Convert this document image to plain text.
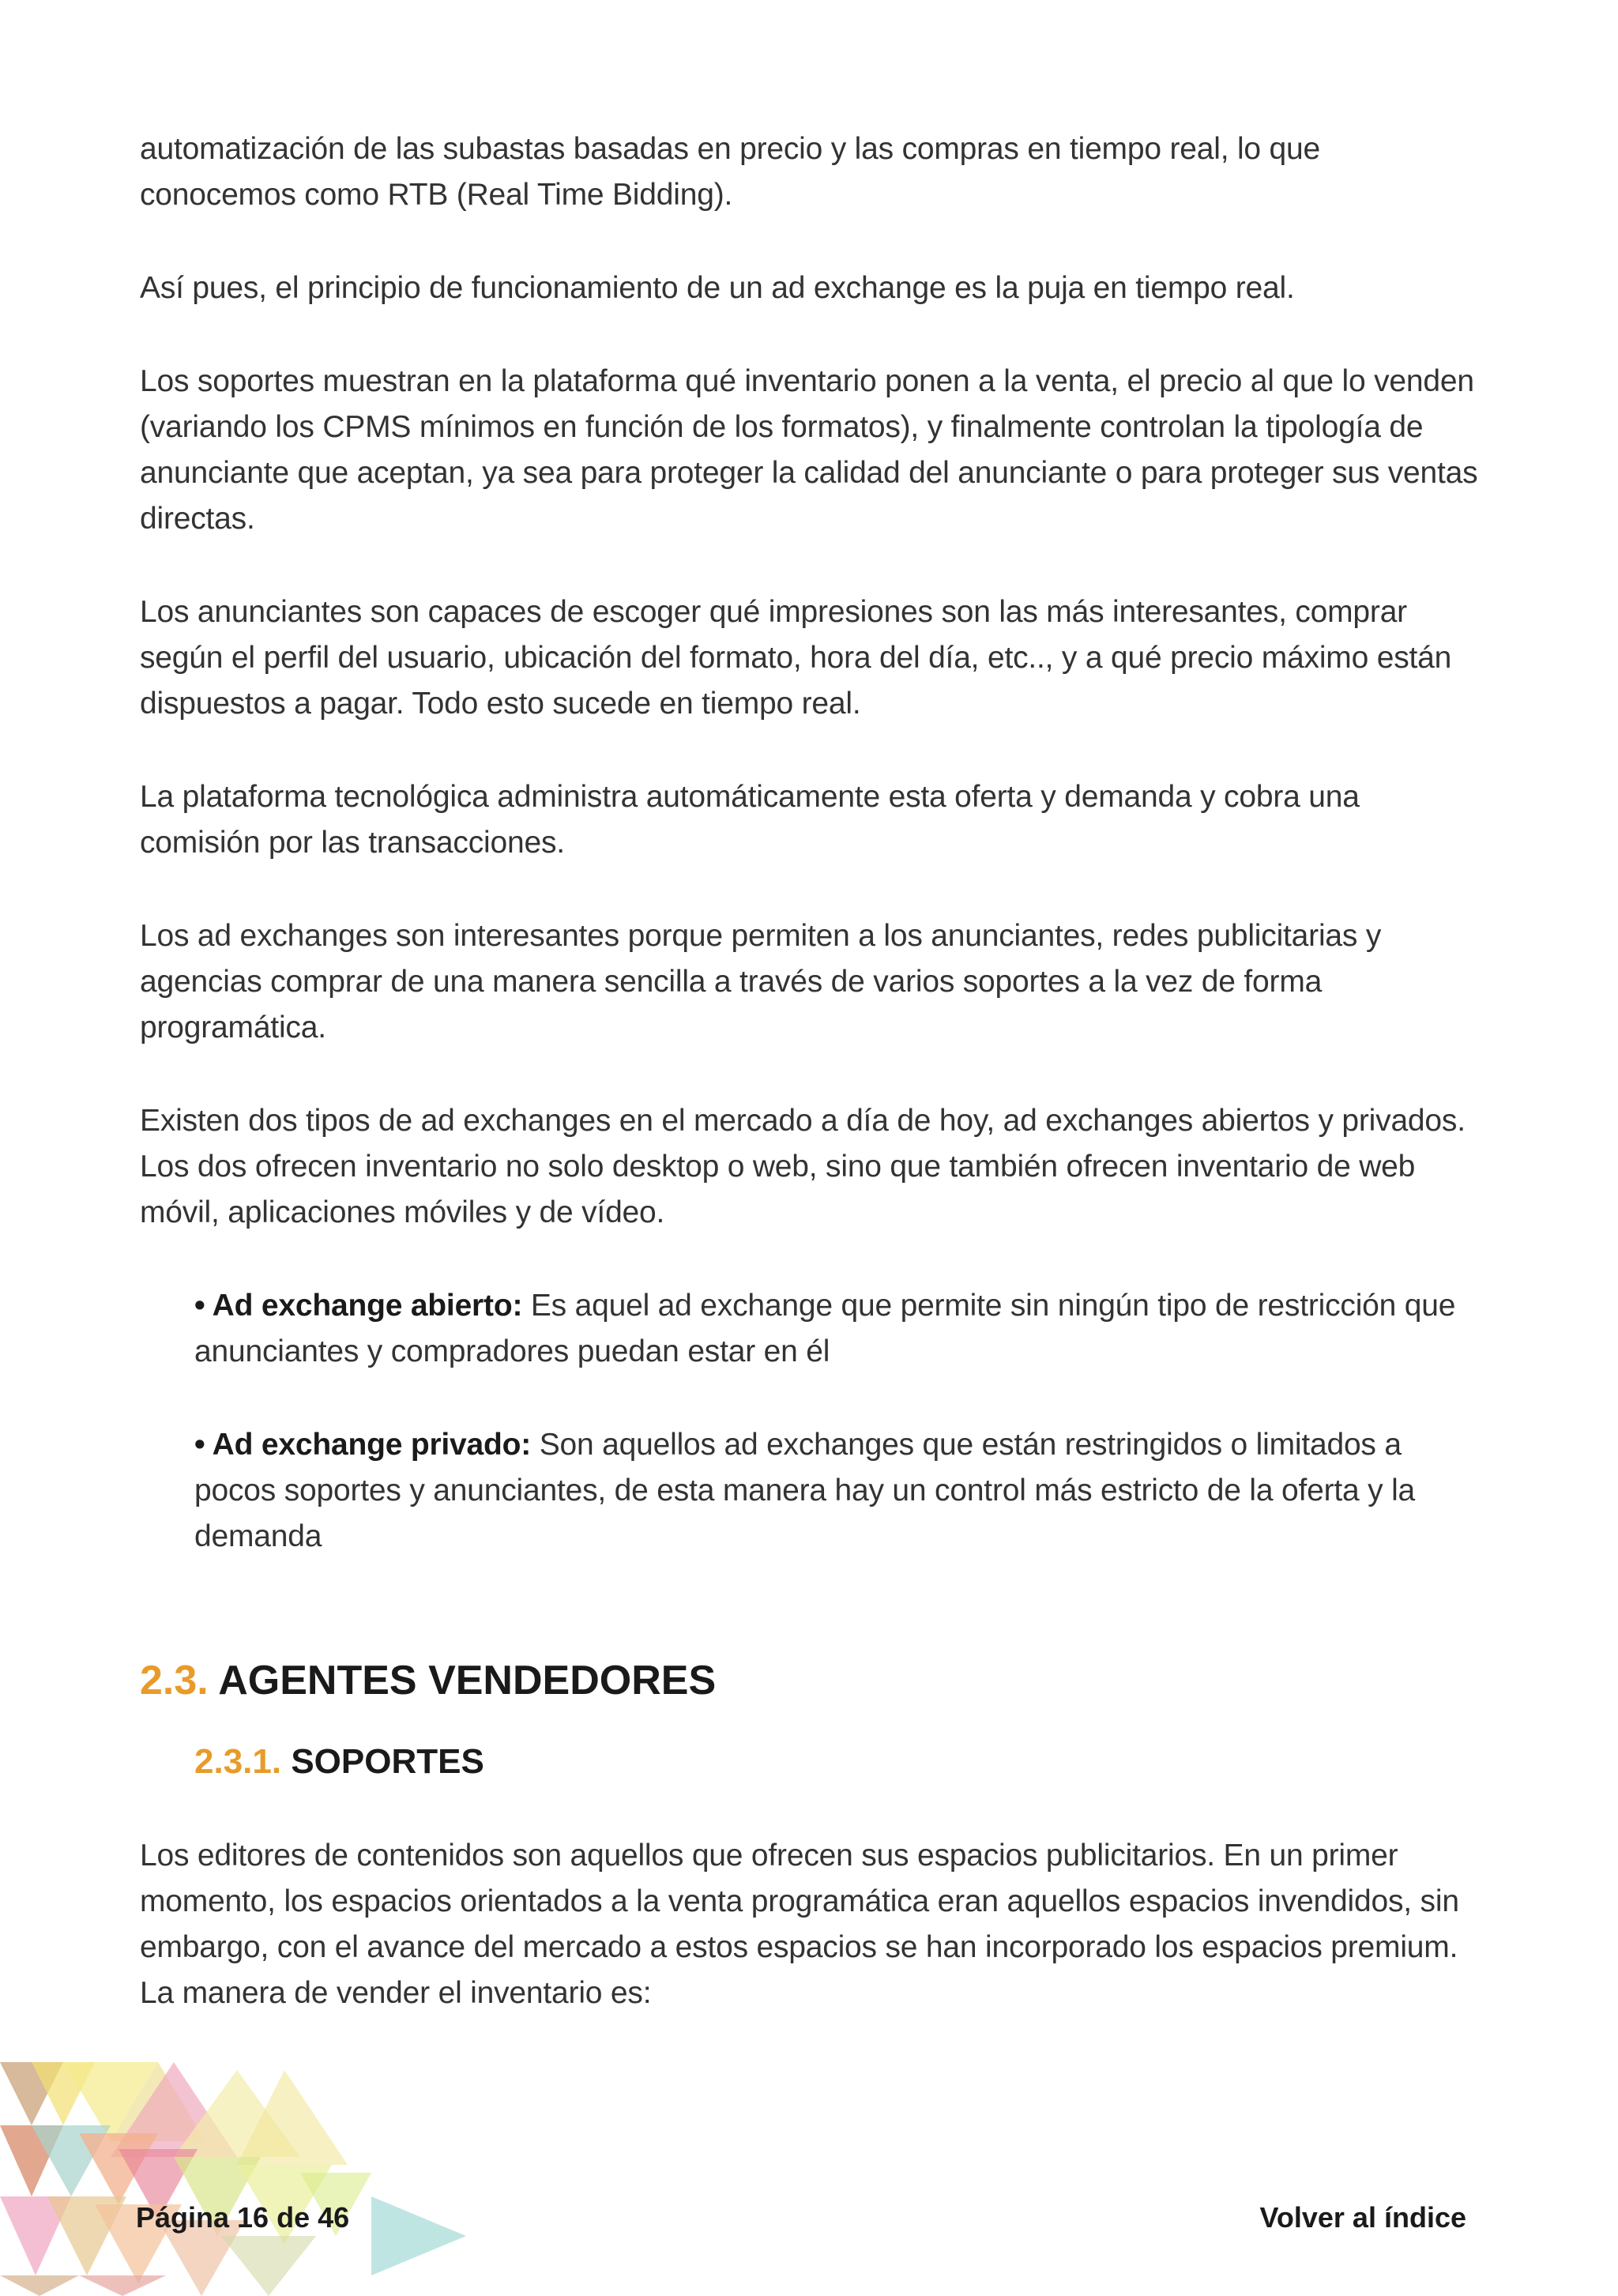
automatización de las subastas basadas en precio y las compras en tiempo real, lo que conocemos como RTB (Real Time Bidding).

Así pues, el principio de funcionamiento de un ad exchange es la puja en tiempo real.

Los soportes muestran en la plataforma qué inventario ponen a la venta, el precio al que lo venden (variando los CPMS mínimos en función de los formatos), y finalmente controlan la tipología de anunciante que aceptan, ya sea para proteger la calidad del anunciante o para proteger sus ventas directas.

Los anunciantes son capaces de escoger qué impresiones son las más interesantes, comprar según el perfil del usuario, ubicación del formato, hora del día, etc.., y a qué precio máximo están dispuestos a pagar. Todo esto sucede en tiempo real.

La plataforma tecnológica administra automáticamente esta oferta y demanda y cobra una comisión por las transacciones.

Los ad exchanges son interesantes porque permiten a los anunciantes, redes publicitarias y agencias comprar de una manera sencilla a través de varios soportes a la vez de forma programática.

Existen dos tipos de ad exchanges en el mercado a día de hoy, ad exchanges abiertos y privados. Los dos ofrecen inventario no solo desktop o web, sino que también ofrecen inventario de web móvil, aplicaciones móviles y de vídeo.

• Ad exchange abierto: Es aquel ad exchange que permite sin ningún tipo de restricción que anunciantes y compradores puedan estar en él

• Ad exchange privado: Son aquellos ad exchanges que están restringidos o limitados a pocos soportes y anunciantes, de esta manera hay un control más estricto de la oferta y la demanda

2.3. AGENTES VENDEDORES
2.3.1. SOPORTES

Los editores de contenidos son aquellos que ofrecen sus espacios publicitarios. En un primer momento, los espacios orientados a la venta programática eran aquellos espacios invendidos, sin embargo, con el avance del mercado a estos espacios se han incorporado los espacios premium. La manera de vender el inventario es:

Página 16 de 46	Volver al índice
